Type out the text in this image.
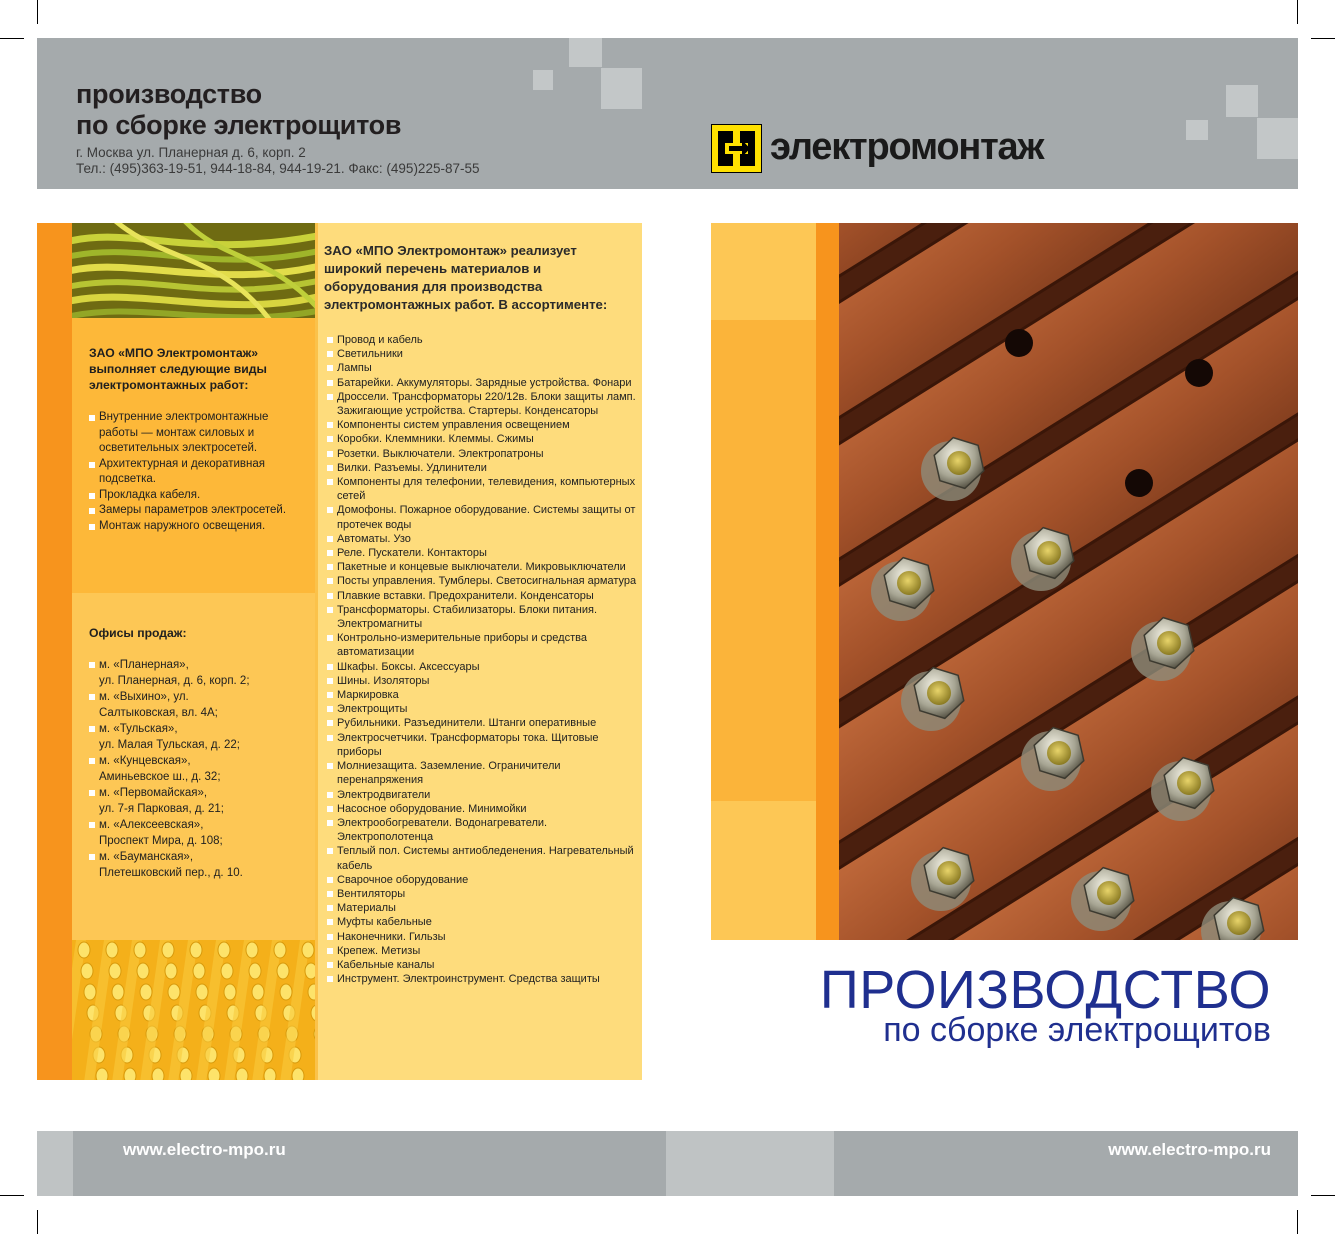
производство
по сборке электрощитов
г. Москва ул. Планерная д. 6, корп. 2
Тел.: (495)363-19-51, 944-18-84, 944-19-21. Факс: (495)225-87-55
электромонтаж
ЗАО «МПО Электромонтаж» выполняет следующие виды электромонтажных работ:
Внутренние электромонтажные работы — монтаж силовых и осветительных электросетей.
Архитектурная и декоративная подсветка.
Прокладка кабеля.
Замеры параметров электросетей.
Монтаж наружного освещения.
Офисы продаж:
м. «Планерная»,
ул. Планерная, д. 6, корп. 2;
м. «Выхино», ул.
Салтыковская, вл. 4А;
м. «Тульская»,
ул. Малая Тульская, д. 22;
м. «Кунцевская»,
Аминьевское ш., д. 32;
м. «Первомайская»,
ул. 7-я Парковая, д. 21;
м. «Алексеевская»,
Проспект Мира, д. 108;
м. «Бауманская»,
Плетешковский пер., д. 10.
ЗАО «МПО Электромонтаж» реализует широкий перечень материалов и оборудования для производства электромонтажных работ. В ассортименте:
Провод и кабель
Светильники
Лампы
Батарейки. Аккумуляторы. Зарядные устройства. Фонари
Дроссели. Трансформаторы 220/12в. Блоки защиты ламп. Зажигающие устройства. Стартеры. Конденсаторы
Компоненты систем управления освещением
Коробки. Клеммники. Клеммы. Сжимы
Розетки. Выключатели. Электропатроны
Вилки. Разъемы. Удлинители
Компоненты для телефонии, телевидения, компьютерных сетей
Домофоны. Пожарное оборудование. Системы защиты от протечек воды
Автоматы. Узо
Реле. Пускатели. Контакторы
Пакетные и концевые выключатели. Микровыключатели
Посты управления. Тумблеры. Светосигнальная арматура
Плавкие вставки. Предохранители. Конденсаторы
Трансформаторы. Стабилизаторы. Блоки питания. Электромагниты
Контрольно-измерительные приборы и средства автоматизации
Шкафы. Боксы. Аксессуары
Шины. Изоляторы
Маркировка
Электрощиты
Рубильники. Разъединители. Штанги оперативные
Электросчетчики. Трансформаторы тока. Щитовые приборы
Молниезащита. Заземление. Ограничители перенапряжения
Электродвигатели
Насосное оборудование. Минимойки
Электрообогреватели. Водонагреватели. Электрополотенца
Теплый пол. Системы антиобледенения. Нагревательный кабель
Сварочное оборудование
Вентиляторы
Материалы
Муфты кабельные
Наконечники. Гильзы
Крепеж. Метизы
Кабельные каналы
Инструмент. Электроинструмент. Средства защиты	ПРОИЗВОДСТВО
по сборке электрощитов
www.electro-mpo.ru	www.electro-mpo.ru
